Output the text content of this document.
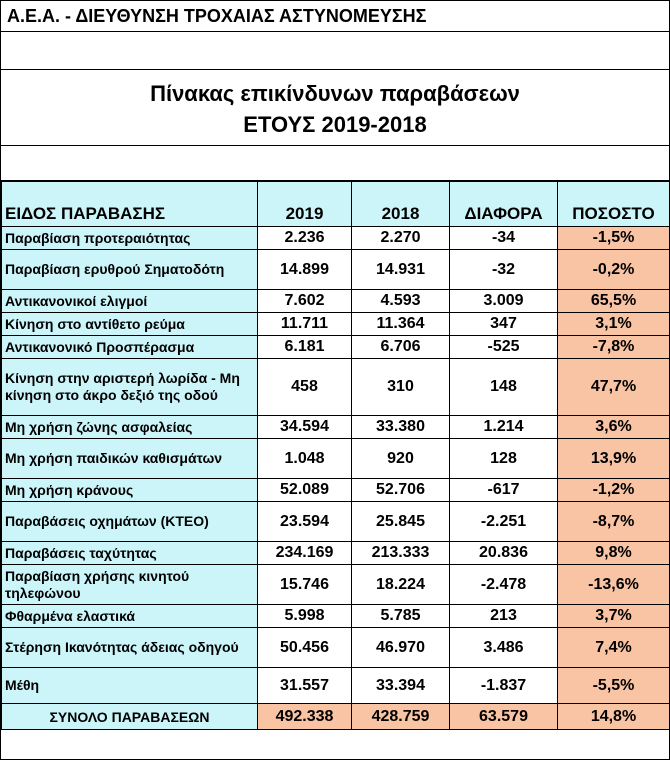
Α.Ε.Α. - ΔΙΕΥΘΥΝΣΗ ΤΡΟΧΑΙΑΣ ΑΣΤΥΝΟΜΕΥΣΗΣ
Πίνακας επικίνδυνων παραβάσεων
ΕΤΟΥΣ 2019-2018
ΕΙΔΟΣ ΠΑΡΑΒΑΣΗΣ	2019	2018	ΔΙΑΦΟΡΑ	ΠΟΣΟΣΤΟ
Παραβίαση προτεραιότητας	2.236	2.270	-34	-1,5%
Παραβίαση ερυθρού Σηματοδότη	14.899	14.931	-32	-0,2%
Αντικανονικοί ελιγμοί	7.602	4.593	3.009	65,5%
Κίνηση στο αντίθετο ρεύμα	11.711	11.364	347	3,1%
Αντικανονικό Προσπέρασμα	6.181	6.706	-525	-7,8%
Κίνηση στην αριστερή λωρίδα - Μη κίνηση στο άκρο δεξιό της οδού	458	310	148	47,7%
Μη χρήση ζώνης ασφαλείας	34.594	33.380	1.214	3,6%
Μη χρήση παιδικών καθισμάτων	1.048	920	128	13,9%
Μη χρήση κράνους	52.089	52.706	-617	-1,2%
Παραβάσεις οχημάτων (ΚΤΕΟ)	23.594	25.845	-2.251	-8,7%
Παραβάσεις ταχύτητας	234.169	213.333	20.836	9,8%
Παραβίαση χρήσης κινητού τηλεφώνου	15.746	18.224	-2.478	-13,6%
Φθαρμένα ελαστικά	5.998	5.785	213	3,7%
Στέρηση Ικανότητας άδειας οδηγού	50.456	46.970	3.486	7,4%
Μέθη	31.557	33.394	-1.837	-5,5%
ΣΥΝΟΛΟ ΠΑΡΑΒΑΣΕΩΝ	492.338	428.759	63.579	14,8%
